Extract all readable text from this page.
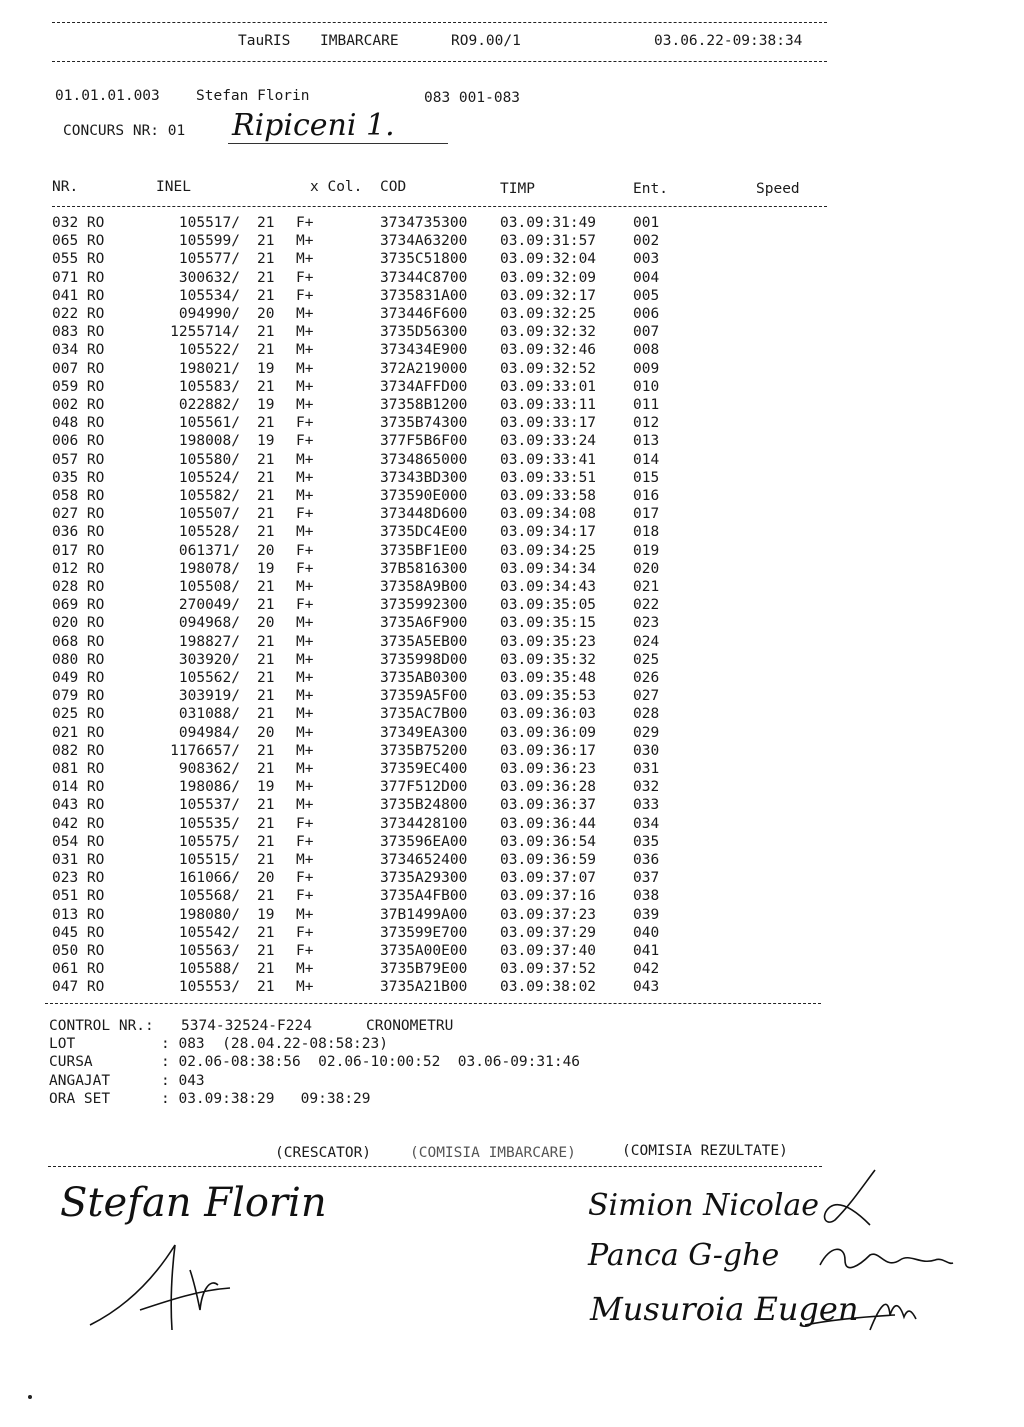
TauRIS IMBARCARE	RO9.00/1	03.06.22-09:38:34
01.01.01.003 Stefan Florin	083 001-083
CONCURS NR: 01 Ripiceni 1.
NR.	INEL	x Col. COD	TIMP	Ent.	Speed
032 RO	105517/ 21 F+	3734735300 03.09:31:49	001
065 RO	105599/ 21 M+	3734A63200 03.09:31:57	002
055 RO	105577/ 21 M+	3735C51800 03.09:32:04	003
071 RO	300632/ 21 F+	37344C8700 03.09:32:09	004
041 RO	105534/ 21 F+	3735831A00 03.09:32:17	005
022 RO	094990/ 20 M+	373446F600 03.09:32:25	006
083 RO	1255714/ 21 M+	3735D56300 03.09:32:32	007
034 RO	105522/ 21 M+	373434E900 03.09:32:46	008
007 RO	198021/ 19 M+	372A219000 03.09:32:52	009
059 RO	105583/ 21 M+	3734AFFD00 03.09:33:01	010
002 RO	022882/ 19 M+	37358B1200 03.09:33:11	011
048 RO	105561/ 21 F+	3735B74300 03.09:33:17	012
006 RO	198008/ 19 F+	377F5B6F00 03.09:33:24	013
057 RO	105580/ 21 M+	3734865000 03.09:33:41	014
035 RO	105524/ 21 M+	37343BD300 03.09:33:51	015
058 RO	105582/ 21 M+	373590E000 03.09:33:58	016
027 RO	105507/ 21 F+	373448D600 03.09:34:08	017
036 RO	105528/ 21 M+	3735DC4E00 03.09:34:17	018
017 RO	061371/ 20 F+	3735BF1E00 03.09:34:25	019
012 RO	198078/ 19 F+	37B5816300 03.09:34:34	020
028 RO	105508/ 21 M+	37358A9B00 03.09:34:43	021
069 RO	270049/ 21 F+	3735992300 03.09:35:05	022
020 RO	094968/ 20 M+	3735A6F900 03.09:35:15	023
068 RO	198827/ 21 M+	3735A5EB00 03.09:35:23	024
080 RO	303920/ 21 M+	3735998D00 03.09:35:32	025
049 RO	105562/ 21 M+	3735AB0300 03.09:35:48	026
079 RO	303919/ 21 M+	37359A5F00 03.09:35:53	027
025 RO	031088/ 21 M+	3735AC7B00 03.09:36:03	028
021 RO	094984/ 20 M+	37349EA300 03.09:36:09	029
082 RO	1176657/ 21 M+	3735B75200 03.09:36:17	030
081 RO	908362/ 21 M+	37359EC400 03.09:36:23	031
014 RO	198086/ 19 M+	377F512D00 03.09:36:28	032
043 RO	105537/ 21 M+	3735B24800 03.09:36:37	033
042 RO	105535/ 21 F+	3734428100 03.09:36:44	034
054 RO	105575/ 21 F+	373596EA00 03.09:36:54	035
031 RO	105515/ 21 M+	3734652400 03.09:36:59	036
023 RO	161066/ 20 F+	3735A29300 03.09:37:07	037
051 RO	105568/ 21 F+	3735A4FB00 03.09:37:16	038
013 RO	198080/ 19 M+	37B1499A00 03.09:37:23	039
045 RO	105542/ 21 F+	373599E700 03.09:37:29	040
050 RO	105563/ 21 F+	3735A00E00 03.09:37:40	041
061 RO	105588/ 21 M+	3735B79E00 03.09:37:52	042
047 RO	105553/ 21 M+	3735A21B00 03.09:38:02	043
CONTROL NR.: 5374-32524-F224	CRONOMETRU
LOT	: 083  (28.04.22-08:58:23)
CURSA	: 02.06-08:38:56  02.06-10:00:52  03.06-09:31:46
ANGAJAT	: 043
ORA SET	: 03.09:38:29   09:38:29
(CRESCATOR)	(COMISIA IMBARCARE)	(COMISIA REZULTATE)
Stefan Florin	Simion Nicolae
Panca G-ghe
Musuroia Eugen
